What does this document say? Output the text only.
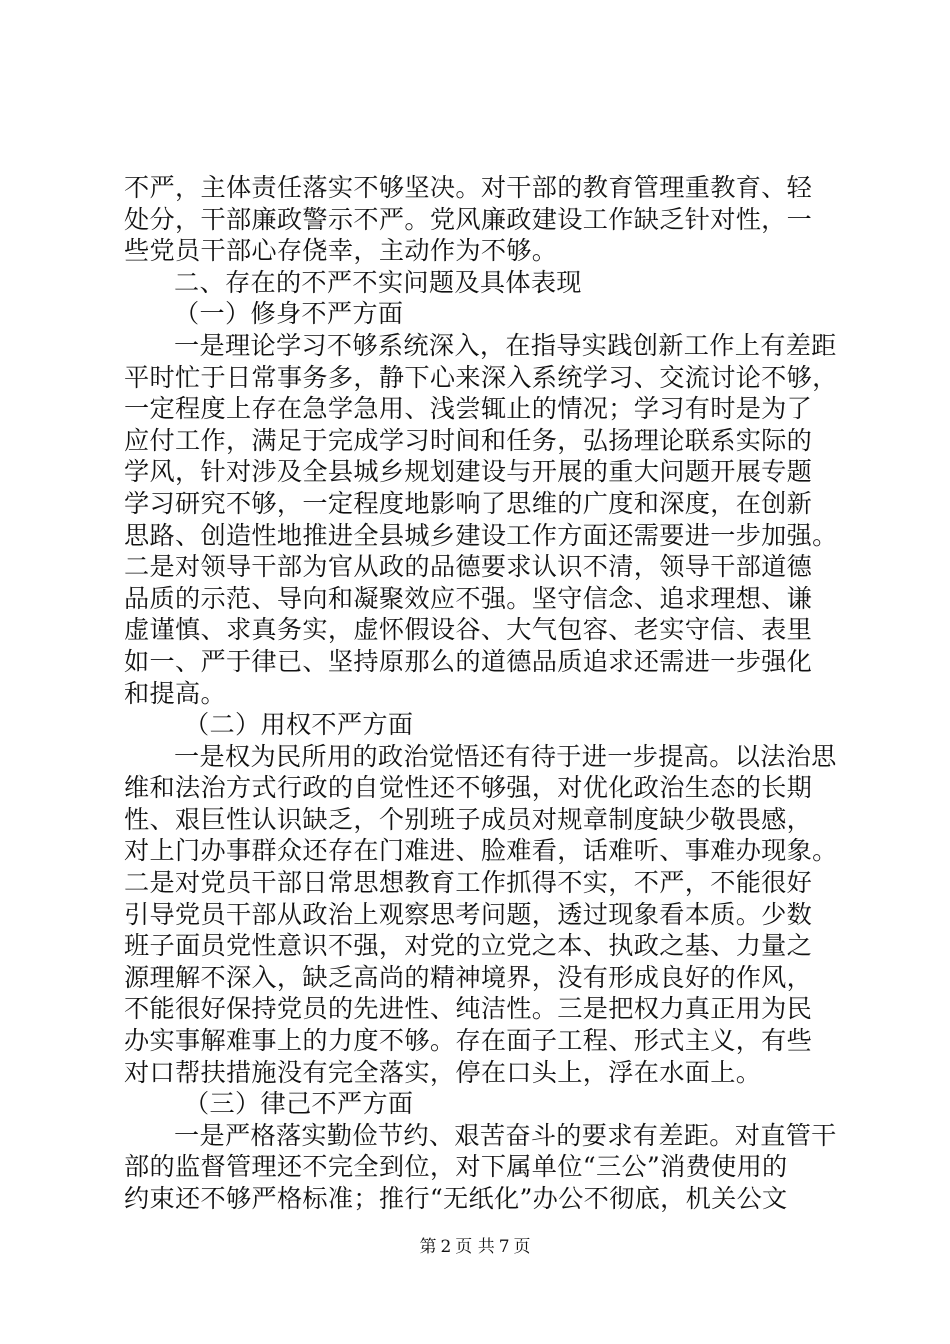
不严，主体责任落实不够坚决。对干部的教育管理重教育、轻
处分，干部廉政警示不严。党风廉政建设工作缺乏针对性，一
些党员干部心存侥幸，主动作为不够。
二、存在的不严不实问题及具体表现
（一）修身不严方面
一是理论学习不够系统深入，在指导实践创新工作上有差距
平时忙于日常事务多，静下心来深入系统学习、交流讨论不够，
一定程度上存在急学急用、浅尝辄止的情况；学习有时是为了
应付工作，满足于完成学习时间和任务，弘扬理论联系实际的
学风，针对涉及全县城乡规划建设与开展的重大问题开展专题
学习研究不够，一定程度地影响了思维的广度和深度，在创新
思路、创造性地推进全县城乡建设工作方面还需要进一步加强。
二是对领导干部为官从政的品德要求认识不清，领导干部道德
品质的示范、导向和凝聚效应不强。坚守信念、追求理想、谦
虚谨慎、求真务实，虚怀假设谷、大气包容、老实守信、表里
如一、严于律已、坚持原那么的道德品质追求还需进一步强化
和提高。
（二）用权不严方面
一是权为民所用的政治觉悟还有待于进一步提高。以法治思
维和法治方式行政的自觉性还不够强，对优化政治生态的长期
性、艰巨性认识缺乏，个别班子成员对规章制度缺少敬畏感，
对上门办事群众还存在门难进、脸难看，话难听、事难办现象。
二是对党员干部日常思想教育工作抓得不实，不严，不能很好
引导党员干部从政治上观察思考问题，透过现象看本质。少数
班子面员党性意识不强，对党的立党之本、执政之基、力量之
源理解不深入，缺乏高尚的精神境界，没有形成良好的作风，
不能很好保持党员的先进性、纯洁性。三是把权力真正用为民
办实事解难事上的力度不够。存在面子工程、形式主义，有些
对口帮扶措施没有完全落实，停在口头上，浮在水面上。
（三）律己不严方面
一是严格落实勤俭节约、艰苦奋斗的要求有差距。对直管干
部的监督管理还不完全到位，对下属单位“三公”消费使用的
约束还不够严格标准；推行“无纸化”办公不彻底，机关公文
第 2 页 共 7 页
